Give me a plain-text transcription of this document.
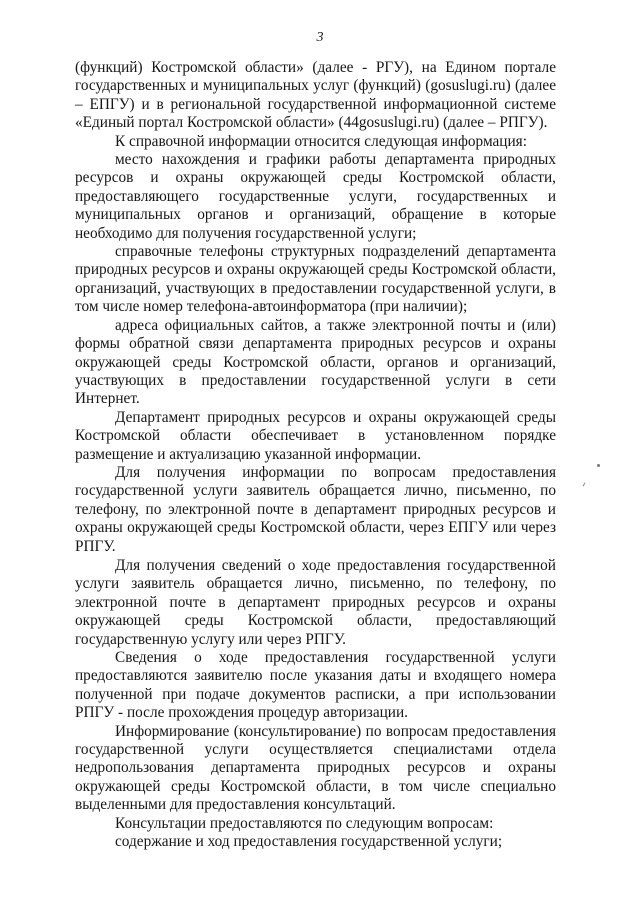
3

(функций) Костромской области» (далее - РГУ), на Едином портале государственных и муниципальных услуг (функций) (gosuslugi.ru) (далее – ЕПГУ) и в региональной государственной информационной системе «Единый портал Костромской области» (44gosuslugi.ru) (далее – РПГУ).

К справочной информации относится следующая информация:

место нахождения и графики работы департамента природных ресурсов и охраны окружающей среды Костромской области, предоставляющего государственные услуги, государственных и муниципальных органов и организаций, обращение в которые необходимо для получения государственной услуги;

справочные телефоны структурных подразделений департамента природных ресурсов и охраны окружающей среды Костромской области, организаций, участвующих в предоставлении государственной услуги, в том числе номер телефона-автоинформатора (при наличии);

адреса официальных сайтов, а также электронной почты и (или) формы обратной связи департамента природных ресурсов и охраны окружающей среды Костромской области, органов и организаций, участвующих в предоставлении государственной услуги в сети Интернет.

Департамент природных ресурсов и охраны окружающей среды Костромской области обеспечивает в установленном порядке размещение и актуализацию указанной информации.

Для получения информации по вопросам предоставления государственной услуги заявитель обращается лично, письменно, по телефону, по электронной почте в департамент природных ресурсов и охраны окружающей среды Костромской области, через ЕПГУ или через РПГУ.

Для получения сведений о ходе предоставления государственной услуги заявитель обращается лично, письменно, по телефону, по электронной почте в департамент природных ресурсов и охраны окружающей среды Костромской области, предоставляющий государственную услугу или через РПГУ.

Сведения о ходе предоставления государственной услуги предоставляются заявителю после указания даты и входящего номера полученной при подаче документов расписки, а при использовании РПГУ - после прохождения процедур авторизации.

Информирование (консультирование) по вопросам предоставления государственной услуги осуществляется специалистами отдела недропользования департамента природных ресурсов и охраны окружающей среды Костромской области, в том числе специально выделенными для предоставления консультаций.

Консультации предоставляются по следующим вопросам:

содержание и ход предоставления государственной услуги;
